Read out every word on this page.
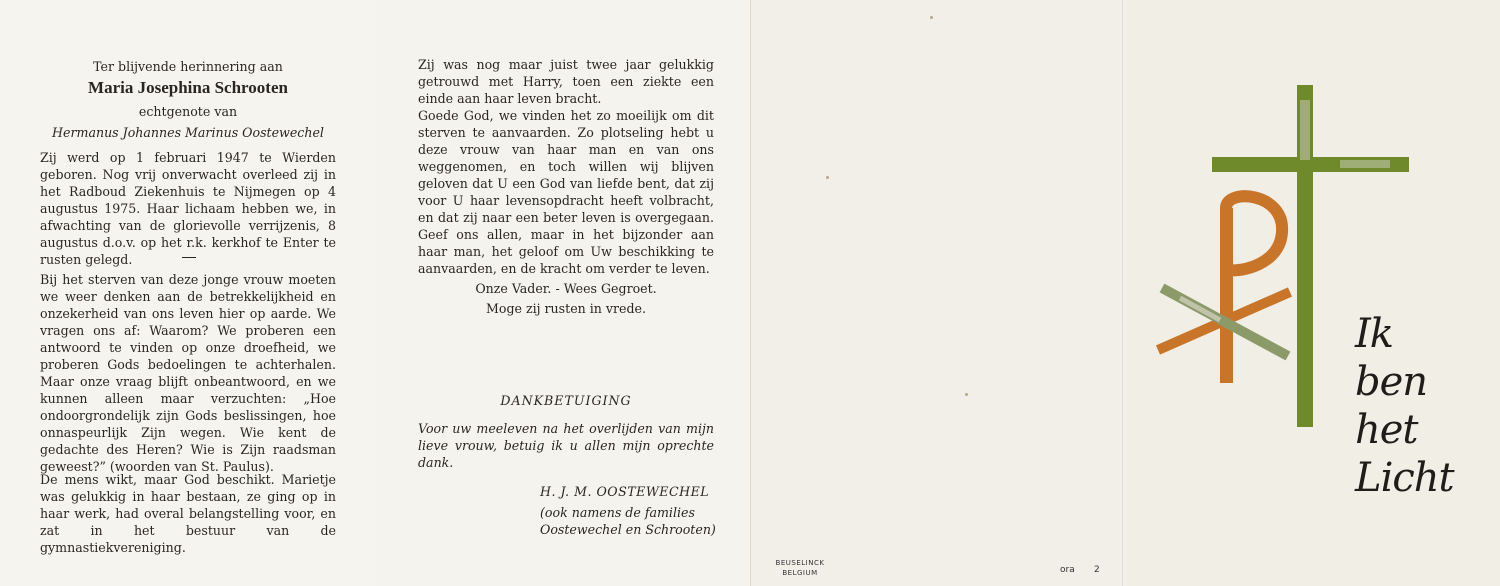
Ter blijvende herinnering aan
Maria Josephina Schrooten
echtgenote van
Hermanus Johannes Marinus Oostewechel
Zij werd op 1 februari 1947 te Wierden geboren. Nog vrij onverwacht overleed zij in het Radboud Ziekenhuis te Nijmegen op 4 augustus 1975. Haar lichaam hebben we, in afwachting van de glorievolle verrijzenis, 8 augustus d.o.v. op het r.k. kerkhof te Enter te rusten gelegd.
Bij het sterven van deze jonge vrouw moeten we weer denken aan de betrekkelijkheid en onzekerheid van ons leven hier op aarde. We vragen ons af: Waarom? We proberen een antwoord te vinden op onze droefheid, we proberen Gods bedoelingen te achterhalen. Maar onze vraag blijft onbeantwoord, en we kunnen alleen maar verzuchten: „Hoe ondoorgrondelijk zijn Gods beslissingen, hoe onnaspeurlijk Zijn wegen. Wie kent de gedachte des Heren? Wie is Zijn raadsman geweest?” (woorden van St. Paulus).
De mens wikt, maar God beschikt. Marietje was gelukkig in haar bestaan, ze ging op in haar werk, had overal belangstelling voor, en zat in het bestuur van de gymnastiekvereniging.
Zij was nog maar juist twee jaar gelukkig getrouwd met Harry, toen een ziekte een einde aan haar leven bracht.
Goede God, we vinden het zo moeilijk om dit sterven te aanvaarden. Zo plotseling hebt u deze vrouw van haar man en van ons weggenomen, en toch willen wij blijven geloven dat U een God van liefde bent, dat zij voor U haar levensopdracht heeft volbracht, en dat zij naar een beter leven is overgegaan. Geef ons allen, maar in het bijzonder aan haar man, het geloof om Uw beschikking te aanvaarden, en de kracht om verder te leven.
Onze Vader. - Wees Gegroet.
Moge zij rusten in vrede.
DANKBETUIGING
Voor uw meeleven na het overlijden van mijn lieve vrouw, betuig ik u allen mijn oprechte dank.
H. J. M. OOSTEWECHEL
(ook namens de families
Oostewechel en Schrooten)
BEUSELINCK
BELGIUM	ora 2
Ik
ben
het
Licht
